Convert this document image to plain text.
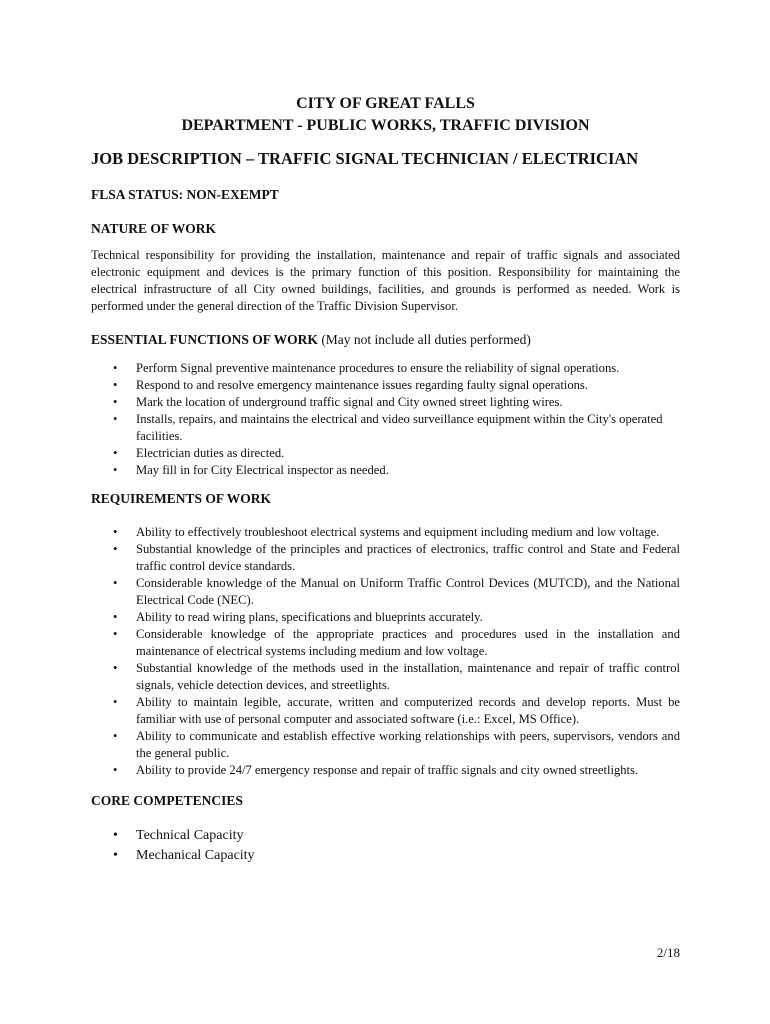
CITY OF GREAT FALLS

DEPARTMENT - PUBLIC WORKS, TRAFFIC DIVISION

JOB DESCRIPTION – TRAFFIC SIGNAL TECHNICIAN / ELECTRICIAN

FLSA STATUS: NON-EXEMPT

NATURE OF WORK

Technical responsibility for providing the installation, maintenance and repair of traffic signals and associated electronic equipment and devices is the primary function of this position. Responsibility for maintaining the electrical infrastructure of all City owned buildings, facilities, and grounds is performed as needed. Work is performed under the general direction of the Traffic Division Supervisor.

ESSENTIAL FUNCTIONS OF WORK (May not include all duties performed)

• Perform Signal preventive maintenance procedures to ensure the reliability of signal operations.
• Respond to and resolve emergency maintenance issues regarding faulty signal operations.
• Mark the location of underground traffic signal and City owned street lighting wires.
• Installs, repairs, and maintains the electrical and video surveillance equipment within the City's operated facilities.
• Electrician duties as directed.
• May fill in for City Electrical inspector as needed.

REQUIREMENTS OF WORK

• Ability to effectively troubleshoot electrical systems and equipment including medium and low voltage.
• Substantial knowledge of the principles and practices of electronics, traffic control and State and Federal traffic control device standards.
• Considerable knowledge of the Manual on Uniform Traffic Control Devices (MUTCD), and the National Electrical Code (NEC).
• Ability to read wiring plans, specifications and blueprints accurately.
• Considerable knowledge of the appropriate practices and procedures used in the installation and maintenance of electrical systems including medium and low voltage.
• Substantial knowledge of the methods used in the installation, maintenance and repair of traffic control signals, vehicle detection devices, and streetlights.
• Ability to maintain legible, accurate, written and computerized records and develop reports. Must be familiar with use of personal computer and associated software (i.e.: Excel, MS Office).
• Ability to communicate and establish effective working relationships with peers, supervisors, vendors and the general public.
• Ability to provide 24/7 emergency response and repair of traffic signals and city owned streetlights.

CORE COMPETENCIES

• Technical Capacity
• Mechanical Capacity
2/18
